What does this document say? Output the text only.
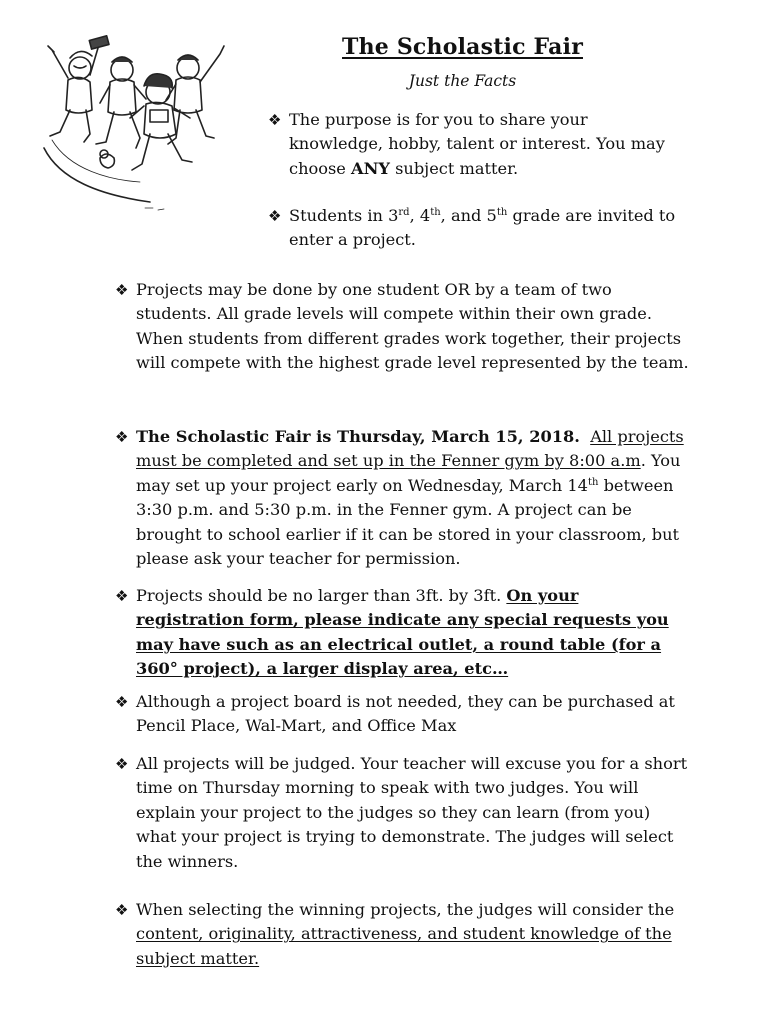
The Scholastic Fair
Just the Facts
❖ The purpose is for you to share your knowledge, hobby, talent or interest. You may choose ANY subject matter.
❖ Students in 3rd, 4th, and 5th grade are invited to enter a project.
❖ Projects may be done by one student OR by a team of two students. All grade levels will compete within their own grade. When students from different grades work together, their projects will compete with the highest grade level represented by the team.
❖ The Scholastic Fair is Thursday, March 15, 2018. All projects must be completed and set up in the Fenner gym by 8:00 a.m. You may set up your project early on Wednesday, March 14th between 3:30 p.m. and 5:30 p.m. in the Fenner gym. A project can be brought to school earlier if it can be stored in your classroom, but please ask your teacher for permission.
❖ Projects should be no larger than 3ft. by 3ft. On your registration form, please indicate any special requests you may have such as an electrical outlet, a round table (for a 360° project), a larger display area, etc…
❖ Although a project board is not needed, they can be purchased at Pencil Place, Wal-Mart, and Office Max
❖ All projects will be judged. Your teacher will excuse you for a short time on Thursday morning to speak with two judges. You will explain your project to the judges so they can learn (from you) what your project is trying to demonstrate. The judges will select the winners.
❖ When selecting the winning projects, the judges will consider the content, originality, attractiveness, and student knowledge of the subject matter.
